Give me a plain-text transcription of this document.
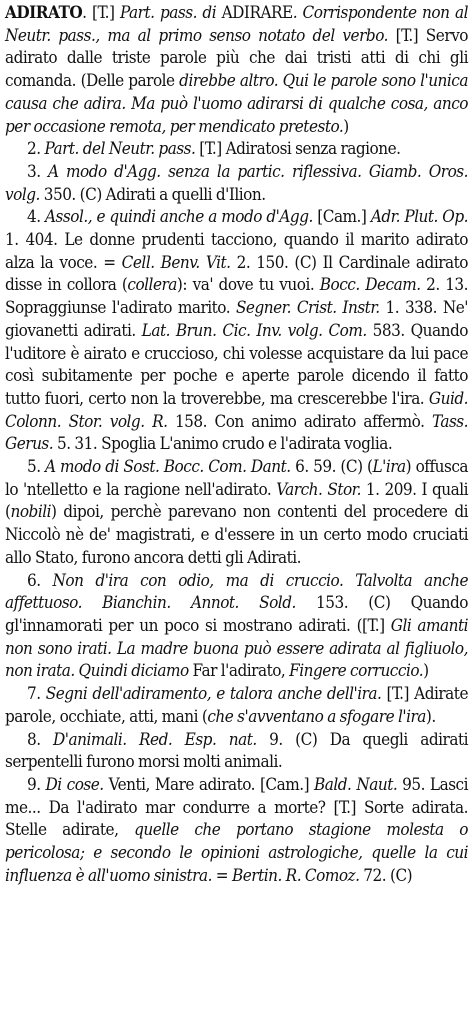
ADIRATO. [T.] Part. pass. di ADIRARE. Corrispondente non al Neutr. pass., ma al primo senso notato del verbo. [T.] Servo adirato dalle triste parole più che dai tristi atti di chi gli comanda. (Delle parole direbbe altro. Qui le parole sono l'unica causa che adira. Ma può l'uomo adirarsi di qualche cosa, anco per occasione remota, per mendicato pretesto.)

2. Part. del Neutr. pass. [T.] Adiratosi senza ragione.

3. A modo d'Agg. senza la partic. riflessiva. Giamb. Oros. volg. 350. (C) Adirati a quelli d'Ilion.

4. Assol., e quindi anche a modo d'Agg. [Cam.] Adr. Plut. Op. 1. 404. Le donne prudenti tacciono, quando il marito adirato alza la voce. = Cell. Benv. Vit. 2. 150. (C) Il Cardinale adirato disse in collora (collera): va' dove tu vuoi. Bocc. Decam. 2. 13. Sopraggiunse l'adirato marito. Segner. Crist. Instr. 1. 338. Ne' giovanetti adirati. Lat. Brun. Cic. Inv. volg. Com. 583. Quando l'uditore è airato e cruccioso, chi volesse acquistare da lui pace così subitamente per poche e aperte parole dicendo il fatto tutto fuori, certo non la troverebbe, ma crescerebbe l'ira. Guid. Colonn. Stor. volg. R. 158. Con animo adirato affermò. Tass. Gerus. 5. 31. Spoglia L'animo crudo e l'adirata voglia.

5. A modo di Sost. Bocc. Com. Dant. 6. 59. (C) (L'ira) offusca lo 'ntelletto e la ragione nell'adirato. Varch. Stor. 1. 209. I quali (nobili) dipoi, perchè parevano non contenti del procedere di Niccolò nè de' magistrati, e d'essere in un certo modo cruciati allo Stato, furono ancora detti gli Adirati.

6. Non d'ira con odio, ma di cruccio. Talvolta anche affettuoso. Bianchin. Annot. Sold. 153. (C) Quando gl'innamorati per un poco si mostrano adirati. ([T.] Gli amanti non sono irati. La madre buona può essere adirata al figliuolo, non irata. Quindi diciamo Far l'adirato, Fingere corruccio.)

7. Segni dell'adiramento, e talora anche dell'ira. [T.] Adirate parole, occhiate, atti, mani (che s'avventano a sfogare l'ira).

8. D'animali. Red. Esp. nat. 9. (C) Da quegli adirati serpentelli furono morsi molti animali.

9. Di cose. Venti, Mare adirato. [Cam.] Bald. Naut. 95. Lasci me... Da l'adirato mar condurre a morte? [T.] Sorte adirata. Stelle adirate, quelle che portano stagione molesta o pericolosa; e secondo le opinioni astrologiche, quelle la cui influenza è all'uomo sinistra. = Bertin. R. Comoz. 72. (C)
